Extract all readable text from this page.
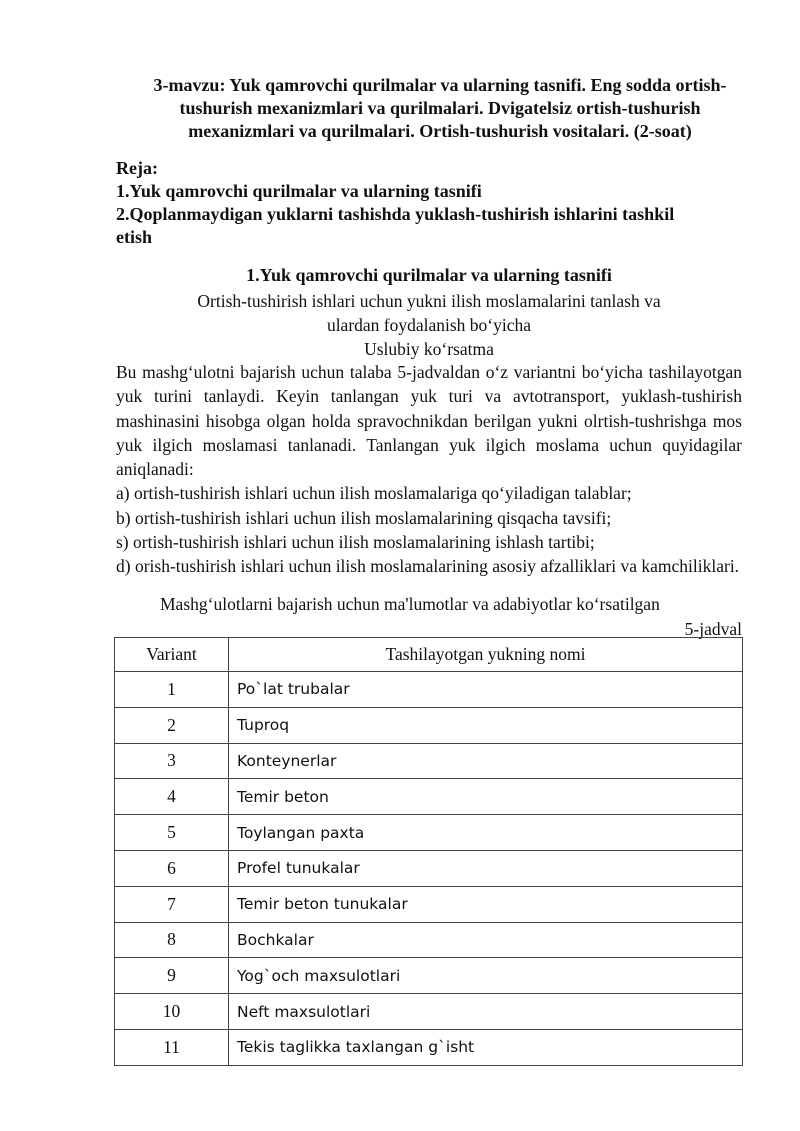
3-mavzu: Yuk qamrovchi qurilmalar va ularning tasnifi. Eng sodda ortish-
tushurish mexanizmlari va qurilmalari. Dvigatelsiz ortish-tushurish
mexanizmlari va qurilmalari. Ortish-tushurish vositalari. (2-soat)
Reja:
1.Yuk qamrovchi qurilmalar va ularning tasnifi
2.Qoplanmaydigan yuklarni tashishda yuklash-tushirish ishlarini tashkil
etish
1.Yuk qamrovchi qurilmalar va ularning tasnifi
Ortish-tushirish ishlari uchun yukni ilish moslamalarini tanlash va
ulardan foydalanish bo‘yicha
Uslubiy ko‘rsatma

Bu mashg‘ulotni bajarish uchun talaba 5-jadvaldan o‘z variantni bo‘yicha tashilayotgan yuk turini tanlaydi. Keyin tanlangan yuk turi va avtotransport, yuklash-tushirish mashinasini hisobga olgan holda spravochnikdan berilgan yukni olrtish-tushrishga mos yuk ilgich moslamasi tanlanadi. Tanlangan yuk ilgich moslama uchun quyidagilar aniqlanadi:

a) ortish-tushirish ishlari uchun ilish moslamalariga qo‘yiladigan talablar;

b) ortish-tushirish ishlari uchun ilish moslamalarining qisqacha tavsifi;

s) ortish-tushirish ishlari uchun ilish moslamalarining ishlash tartibi;

d) orish-tushirish ishlari uchun ilish moslamalarining asosiy afzalliklari va kamchiliklari.

Mashg‘ulotlarni bajarish uchun ma'lumotlar va adabiyotlar ko‘rsatilgan
5-jadval
Variant	Tashilayotgan yukning nomi
1	Po`lat trubalar
2	Tuproq
3	Konteynerlar
4	Temir beton
5	Toylangan paxta
6	Profel tunukalar
7	Temir beton tunukalar
8	Bochkalar
9	Yog`och maxsulotlari
10	Neft maxsulotlari
11	Tekis taglikka taxlangan g`isht
